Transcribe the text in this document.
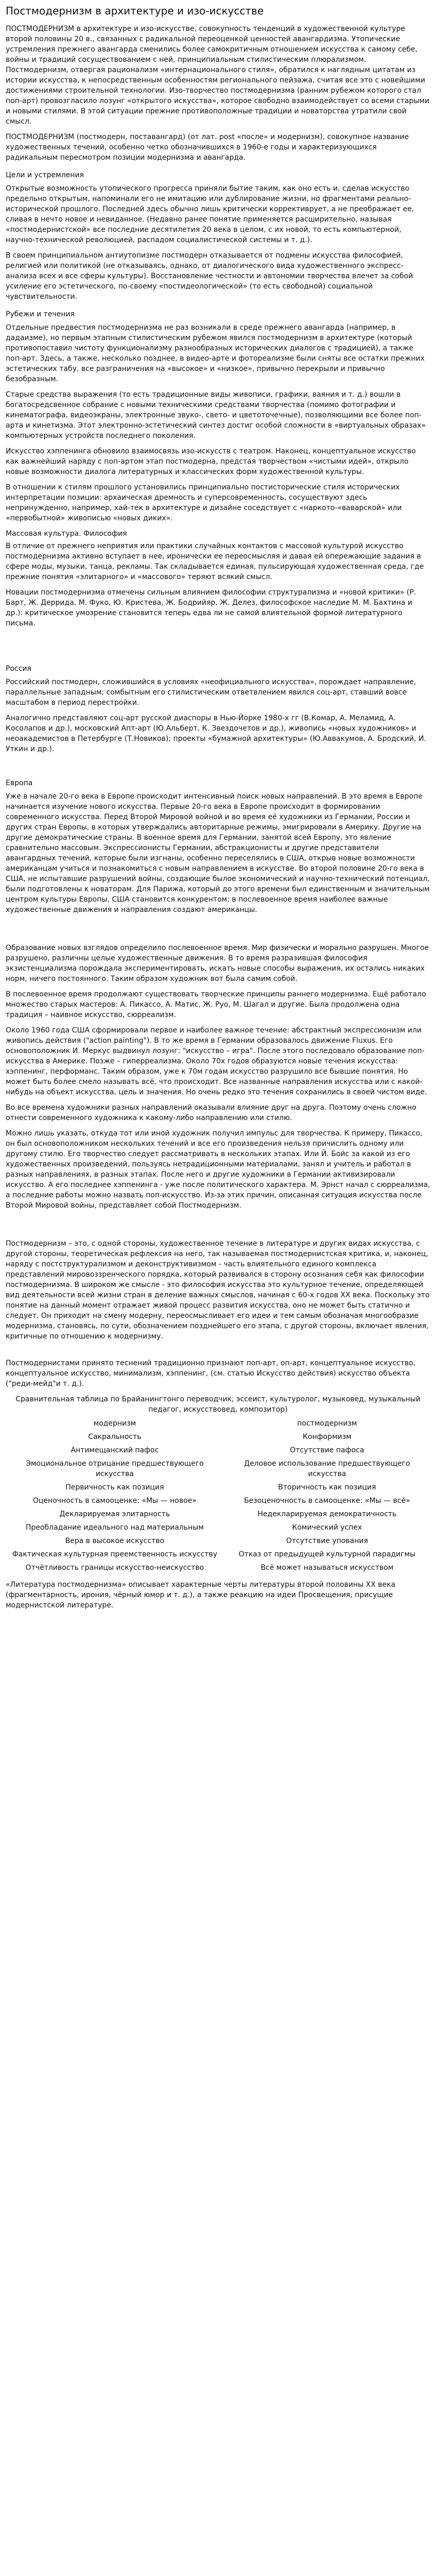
Постмодернизм в архитектуре и изо-искусстве

ПОСТМОДЕРНИЗМ в архитектуре и изо-искусстве, совокупность тенденций в художественной культуре второй половины 20 в., связанных с радикальной переоценкой ценностей авангардизма. Утопические устремления прежнего авангарда сменились более самокритичным отношением искусства к самому себе, войны и традиций сосуществованием с ней, принципиальным стилистическим плюрализмом. Постмодернизм, отвергая рационализм «интернационального стиля», обратился к наглядным цитатам из истории искусства, к непосредственным особенностям регионального пейзажа, считая все это с новейшими достижениями строительной технологии. Изо-творчество постмодернизма (ранним рубежом которого стал поп-арт) провозгласило лозунг «открытого искусства», которое свободно взаимодействует со всеми старыми и новыми стилями. В этой ситуации прежние противоположные традиции и новаторства утратили свой смысл.

ПОСТМОДЕРНИЗМ (постмодерн, поставангард) (от лат. post «после» и модернизм), совокупное название художественных течений, особенно четко обозначившихся в 1960-е годы и характеризующихся радикальным пересмотром позиции модернизма и авангарда.

Цели и устремления

Открытые возможность утопического прогресса приняли бытие таким, как оно есть и, сделав искусство предельно открытым, напоминали его не имитацию или дублирование жизни, но фрагментами реально-исторической прошлого. Последней здесь обычно лишь критически коррективрует, а не преображает ее, сливая в нечто новое и невиданное. (Недавно ранее понятие применяется расширительно, называя «постмодернистской» все последние десятилетия 20 века в целом, с их новой, то есть компьютерной, научно-технической революцией, распадом социалистической системы и т. д.).

В своем принципиальном антиутопизме постмодерн отказывается от подмены искусства философией, религией или политикой (не отказываясь, однако, от диалогического вида художественного экспресс-анализа всех и все сферы культуры). Восстановление честности и автономии творчества влечет за собой усиление его эстетического, по-своему «постидеологической» (то есть свободной) социальной чувствительности.

Рубежи и течения

Отдельные предвестия постмодернизма не раз возникали в среде прежнего авангарда (например, в дадаизме), но первым этапным стилистическим рубежом явился постмодернизм в архитектуре (который противопоставил чистоту функционализму разнообразных исторических диалогов с традицией), а также поп-арт. Здесь, а также, несколько позднее, в видео-арте и фотореализме были сняты все остатки прежних эстетических табу, все разграничения на «высокое» и «низкое», привычно перекрыли и привычно безобразным.

Старые средства выражения (то есть традиционные виды живописи, графики, ваяния и т. д.) вошли в богатосредсвенное собрание с новыми техническими средствами творчества (помимо фотографии и кинематографа, видеоэкраны, электронные звуко-, свето- и цветоточечные), позволяющими все более поп-арта и кинетизма. Этот электронно-эстетический синтез достиг особой сложности в «виртуальных образах» компьютерных устройств последнего поколения.

Искусство хэппенинга обновило взаимосвязь изо-искусств с театром. Наконец, концептуальное искусство как важнейший наряду с поп-артом этап постмодерна, предстая творчеством «чистыми идей», открыло новые возможности диалога литературных и классических форм художественной культуры.

В отношении к стилям прошлого установились принципиально постисторические стиля исторических интерпретации позиции: архаическая дремность и суперсовременность, сосуществуют здесь непринужденно, например, хай-тек в архитектуре и дизайне соседствует с «наркото-«ваварской» или «первобытной» живописью «новых диких».

Массовая культура. Философия

В отличие от прежнего неприятия или практики случайных контактов с массовой культурой искусство постмодернизма активно вступает в нее, иронически ее переосмысляя и давая ей опережающие задания в сфере моды, музыки, танца, рекламы. Так складывается единая, пульсирующая художественная среда, где прежние понятия «элитарного» и «массового» теряют всякий смысл.

Новации постмодернизма отмечены сильным влиянием философии структурализма и «новой критики» (Р. Барт, Ж. Деррида, М. Фуко, Ю. Кристева, Ж. Бодрийяр, Ж. Делез, философское наследие М. М. Бахтина и др.): критическое умозрение становится теперь едва ли не самой влиятельной формой литературного письма.

Россия

Российский постмодерн, сложившийся в условиях «неофициального искусства», порождает направление, параллельные западным; сомбытным его стилистическим ответвлением явился соц-арт, ставший вовсе масштабом в период перестройки.

Аналогично представляют соц-арт русской диаспоры в Нью-Йорке 1980-х гг (В.Комар, А. Меламид, А. Косолапов и др.), московский Апт-арт (Ю.Альберт, К. Звездочетов и др.), живопись «новых художников» и неоакадемистов в Петербурге (Т.Новиков); проекты «бумажной архитектуры» (Ю.Аввакумов, А. Бродский, И. Уткин и др.).

Европа

Уже в начале 20-го века в Европе происходит интенсивный поиск новых направлений. В это время в Европе начинается изучение нового искусства. Первые 20-го века в Европе происходит в формировании современного искусства. Перед Второй Мировой войной и во время её художники из Германии, России и других стран Европы, в которых утверждались авторитарные режимы, эмигрировали в Америку. Другие на другие демократические страны. В военное время для Германии, занятой всей Европу, это явление сравнительно массовым. Экспрессионисты Германии, абстракционисты и другие представители авангардных течений, которые были изгнаны, особенно переселялись в США, открыв новые возможности американцам учиться и познакомиться с новым направлением в искусстве. Во второй половине 20-го века в США, не испытавшие разрушений войны, создающие былое экономический и научно-технический потенциал, были подготовлены к новаторам. Для Парижа, который до этого времени был единственным и значительным центром культуры Европы, США становится конкурентом; в послевоенное время наиболее важные художественные движения и направления создают американцы.

Образование новых взглядов определило послевоенное время. Мир физически и морально разрушен. Многое разрушено, различны целые художественные движения. В то время разразившая философия экзистенциализма порождала экспериментировать, искать новые способы выражения, их остались никаких норм, ничего постоянного. Таким образом художник вот была самим собой.

В послевоенное время продолжают существовать творческие принципы раннего модернизма. Ещё работало множество старых мастеров: А. Пикассо, А. Матис, Ж. Руо, М. Шагал и другие. Была продолжена одна традиция – наивное искусство, сюрреализм.

Около 1960 года США сформировали первое и наиболее важное течение: абстрактный экспрессионизм или живопись действия ("action painting"). В то же время в Германии образовалось движение Fluxus. Его основоположник И. Меркус выдвинул лозунг: "искусство – игра". После этого последовало образование поп-искусства в Америке. Позже – гиперреализма. Около 70х годов образуются новые течения искусства: хэппенинг, перформанс. Таким образом, уже к 70м годам искусство разрушило все бывшие понятия. Но может быть более смело называть всё, что происходит. Все названные направления искусства или с какой-нибудь на объект искусства, цель и значения. Но очень редко это течения сохранились в своей чистом виде.

Во все времена художники разных направлений оказывали влияние друг на друга. Поэтому очень сложно отнести современного художника к какому-либо направлению или стилю.

Можно лишь указать, откуда тот или иной художник получил импульс для творчества. К примеру, Пикассо, он был основоположником нескольких течений и все его произведения нельзя причислить одному или другому стилю. Его творчество следует рассматривать в нескольких этапах. Или Й. Бойс за какой из его художественных произведений, пользуясь нетрадиционными материалами, занял и учитель и работал в разных направлениях, в разных этапах. После него и другие художники в Германии активизировали искусство. А его последнее хэппенинга - уже после политического характера. М. Эрнст начал с сюрреализма, а последние работы можно назвать поп-искусство. Из-за этих причин, описанная ситуация искусства после Второй Мировой войны, представляет собой Постмодернизм.

Постмодернизм – это, с одной стороны, художественное течение в литературе и других видах искусства, с другой стороны, теоретическая рефлексия на него, так называемая постмодернистская критика, и, наконец, наряду с постструктурализмом и деконструктивизмом - часть влиятельного единого комплекса представлений мировоззренческого порядка, который развивался в сторону осознания себя как философии постмодернизма. В широком же смысле - это философия искусства это культурное течение, определяющей вид деятельности всей жизни стран в деление важных смыслов, начиная с 60-х годов XX века. Поскольку это понятие на данный момент отражает живой процесс развития искусства, оно не может быть статично и следует. Он приходит на смену модерну, переосмысливает его идеи и тем самым обозначая многообразие модернизма, становясь, по сути, обозначением позднейшего его этапа, с другой стороны, включает явления, критичные по отношению к модернизму.

Постмодернистами принято теснений традиционно признают поп-арт, оп-арт, концептуальное искусство, концептуальное искусство, минимализм, хэппенинг, (см. статью Искусство действия) искусство объекта ("реди-мейд"и т. д.).

Сравнительная таблица по Брайанингтонго переводчик, эссеист, культуролог, музыковед, музыкальный педагог, искусствовед, композитор)
модернизм	постмодернизм
Сакральность	Конформизм
Антимещанский пафос	Отсутствие пафоса
Эмоциональное отрицание предшествующего искусства	Деловое использование предшествующего искусства
Первичность как позиция	Вторичность как позиция
Оценочность в самооценке: «Мы — новое»	Безоценочность в самооценке: «Мы — всё»
Декларируемая элитарность	Недекларируемая демократичность
Преобладание идеального над материальным	Комический успех
Вера в высокое искусство	Отсутствие упования
Фактическая культурная преемственность искусству	Отказ от предыдущей культурной парадигмы
Отчётливость границы искусство-неискусство	Всё может называться искусством

«Литература постмодернизма» описывает характерные черты литературы второй половины XX века (фрагментарность, ирония, чёрный юмор и т. д.), а также реакцию на идеи Просвещения, присущие модернистской литературе.
